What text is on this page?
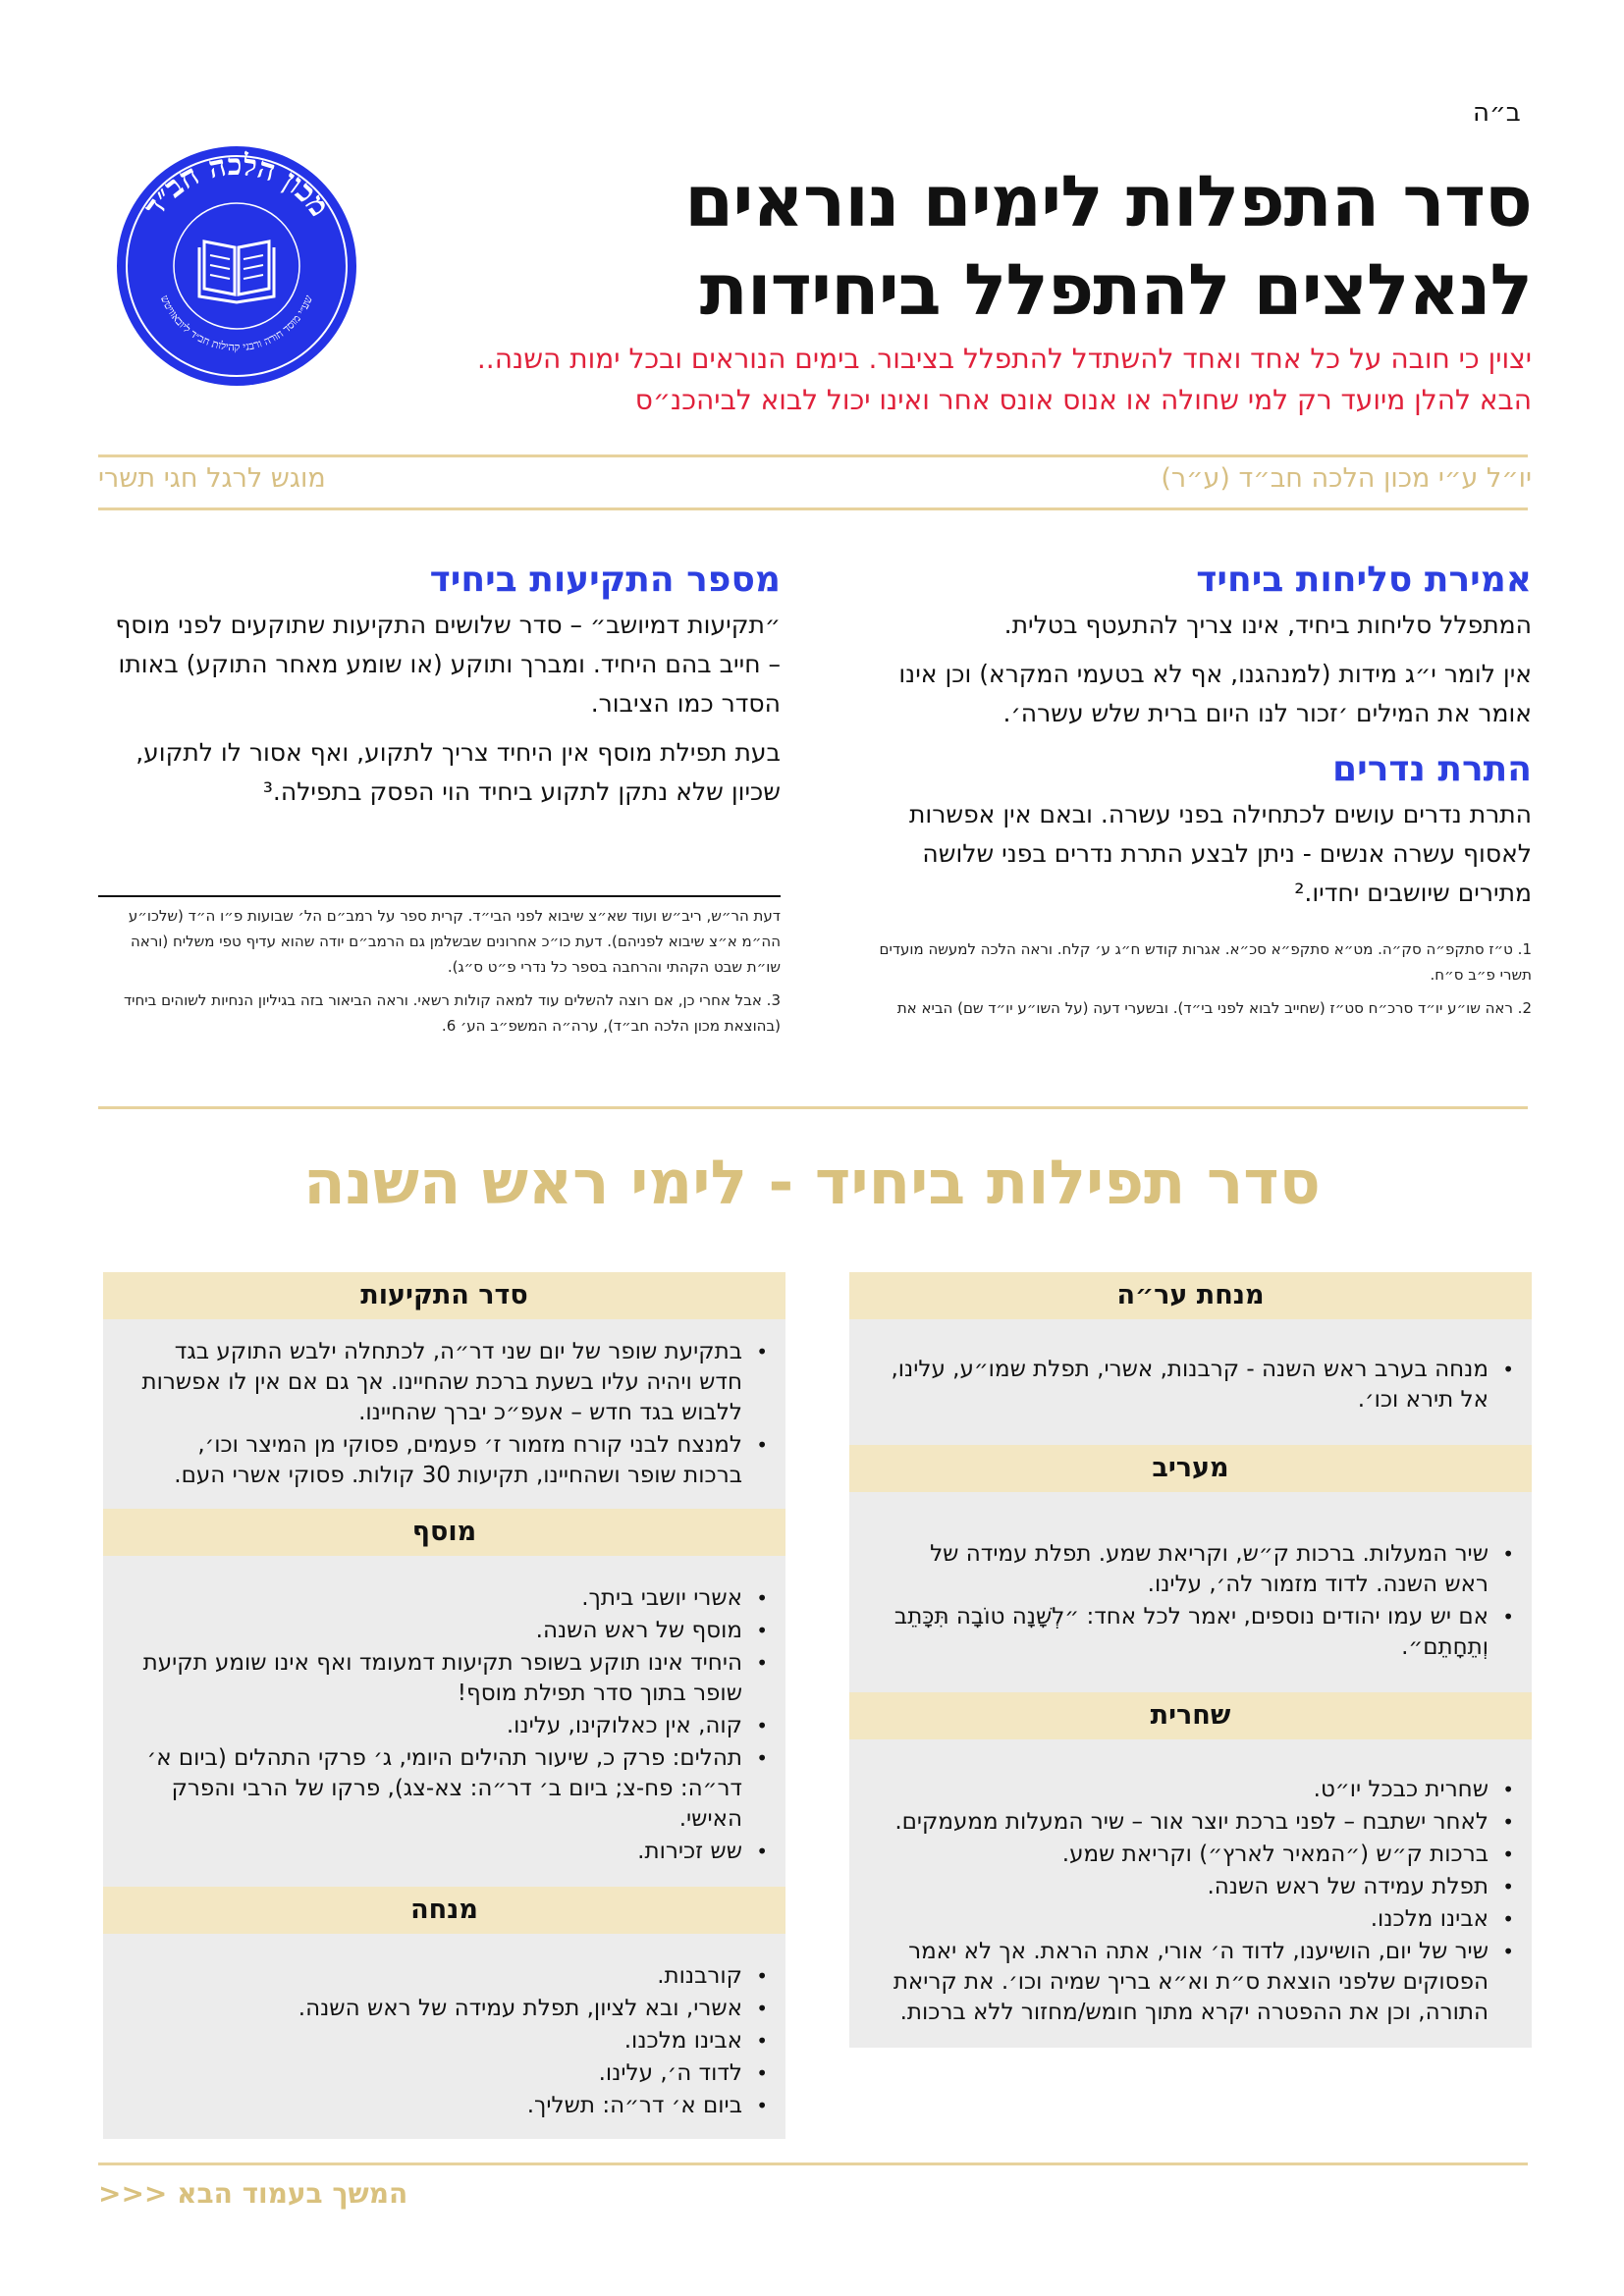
ב״ה
מכון הלכה חב״ד
שע״י מוסד חורה ורבני קהילות חב״ד ליובאוויטש
סדר התפלות לימים נוראים
לנאלצים להתפלל ביחידות
יצוין כי חובה על כל אחד ואחד להשתדל להתפלל בציבור. בימים הנוראים ובכל ימות השנה.. הבא להלן מיועד רק למי שחולה או אנוס אונס אחר ואינו יכול לבוא לביהכנ״ס
יו״ל ע״י מכון הלכה חב״ד (ע״ר)
מוגש לרגל חגי תשרי
אמירת סליחות ביחיד

המתפלל סליחות ביחיד, אינו צריך להתעטף בטלית.

אין לומר י״ג מידות (למנהגנו, אף לא בטעמי המקרא) וכן אינו אומר את המילים ׳זכור לנו היום ברית שלש עשרה׳.

התרת נדרים

התרת נדרים עושים לכתחילה בפני עשרה. ובאם אין אפשרות לאסוף עשרה אנשים - ניתן לבצע התרת נדרים בפני שלושה מתירים שיושבים יחדיו.²

1. ט״ז סתקפ״ה סק״ה. מט״א סתקפ״א סכ״א. אגרות קודש ח״ג ע׳ קלח. וראה הלכה למעשה מועדים תשרי פ״ב ס״ח.

2. ראה שו״ע יו״ד סרכ״ח סט״ז (שחייב לבוא לפני בי״ד). ובשערי דעה (על השו״ע יו״ד שם) הביא את

מספר התקיעות ביחיד

״תקיעות דמיושב״ – סדר שלושים התקיעות שתוקעים לפני מוסף – חייב בהם היחיד. ומברך ותוקע (או שומע מאחר התוקע) באותו הסדר כמו הציבור.

בעת תפילת מוסף אין היחיד צריך לתקוע, ואף אסור לו לתקוע, שכיון שלא נתקן לתקוע ביחיד הוי הפסק בתפילה.³

דעת הר״ש, ריב״ש ועוד שא״צ שיבוא לפני הבי״ד. קרית ספר על רמב״ם הל׳ שבועות פ״ו ה״ד (שלכו״ע הה״מ א״צ שיבוא לפניהם). דעת כו״כ אחרונים שבשלמן גם הרמב״ם יודה שהוא עדיף טפי משליח (וראה שו״ת שבט הקהתי והרחבה בספר כל נדרי פ״ט ס״ג).

3. אבל אחרי כן, אם רוצה להשלים עוד למאה קולות רשאי. וראה הביאור בזה בגיליון הנחיות לשוהים ביחיד (בהוצאת מכון הלכה חב״ד), ערה״ה המשפ״ב הע׳ 6.

סדר תפילות ביחיד - לימי ראש השנה
מנחת ער״ה
• מנחה בערב ראש השנה - קרבנות, אשרי, תפלת שמו״ע, עלינו, אל תירא וכו׳.
מעריב
• שיר המעלות. ברכות ק״ש, וקריאת שמע. תפלת עמידה של ראש השנה. לדוד מזמור לה׳, עלינו.
• אם יש עמו יהודים נוספים, יאמר לכל אחד: ״לְשָׁנָה טוֹבָה תִּכָּתֵב וְתֵחָתֵם״.
שחרית
• שחרית כבכל יו״ט.
• לאחר ישתבח – לפני ברכת יוצר אור – שיר המעלות ממעמקים.
• ברכות ק״ש (״המאיר לארץ״) וקריאת שמע.
• תפלת עמידה של ראש השנה.
• אבינו מלכנו.
• שיר של יום, הושיענו, לדוד ה׳ אורי, אתה הראת. אך לא יאמר הפסוקים שלפני הוצאת ס״ת וא״א בריך שמיה וכו׳. את קריאת התורה, וכן את ההפטרה יקרא מתוך חומש/מחזור ללא ברכות.
סדר התקיעות
• בתקיעת שופר של יום שני דר״ה, לכתחלה ילבש התוקע בגד חדש ויהיה עליו בשעת ברכת שהחיינו. אך גם אם אין לו אפשרות ללבוש בגד חדש – אעפ״כ יברך שהחיינו.
• למנצח לבני קורח מזמור ז׳ פעמים, פסוקי מן המיצר וכו׳, ברכות שופר ושהחיינו, תקיעות 30 קולות. פסוקי אשרי העם.
מוסף
• אשרי יושבי ביתך.
• מוסף של ראש השנה.
• היחיד אינו תוקע בשופר תקיעות דמעומד ואף אינו שומע תקיעת שופר בתוך סדר תפילת מוסף!
• קוה, אין כאלוקינו, עלינו.
• תהלים: פרק כ, שיעור תהילים היומי, ג׳ פרקי התהלים (ביום א׳ דר״ה: פח-צ; ביום ב׳ דר״ה: צא-צג), פרקו של הרבי והפרק האישי.
• שש זכירות.
מנחה
• קורבנות.
• אשרי, ובא לציון, תפלת עמידה של ראש השנה.
• אבינו מלכנו.
• לדוד ה׳, עלינו.
• ביום א׳ דר״ה: תשליך.
המשך בעמוד הבא <<<
